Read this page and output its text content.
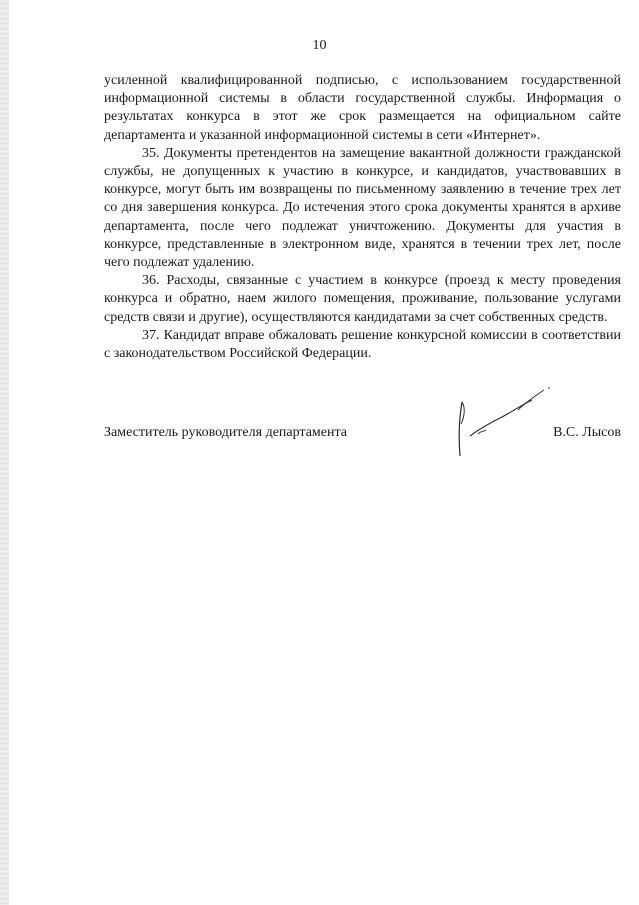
10

усиленной квалифицированной подписью, с использованием государственной информационной системы в области государственной службы. Информация о результатах конкурса в этот же срок размещается на официальном сайте департамента и указанной информационной системы в сети «Интернет».

35. Документы претендентов на замещение вакантной должности гражданской службы, не допущенных к участию в конкурсе, и кандидатов, участвовавших в конкурсе, могут быть им возвращены по письменному заявлению в течение трех лет со дня завершения конкурса. До истечения этого срока документы хранятся в архиве департамента, после чего подлежат уничтожению. Документы для участия в конкурсе, представленные в электронном виде, хранятся в течении трех лет, после чего подлежат удалению.

36. Расходы, связанные с участием в конкурсе (проезд к месту проведения конкурса и обратно, наем жилого помещения, проживание, пользование услугами средств связи и другие), осуществляются кандидатами за счет собственных средств.

37. Кандидат вправе обжаловать решение конкурсной комиссии в соответствии с законодательством Российской Федерации.

Заместитель руководителя департамента	В.С. Лысов
